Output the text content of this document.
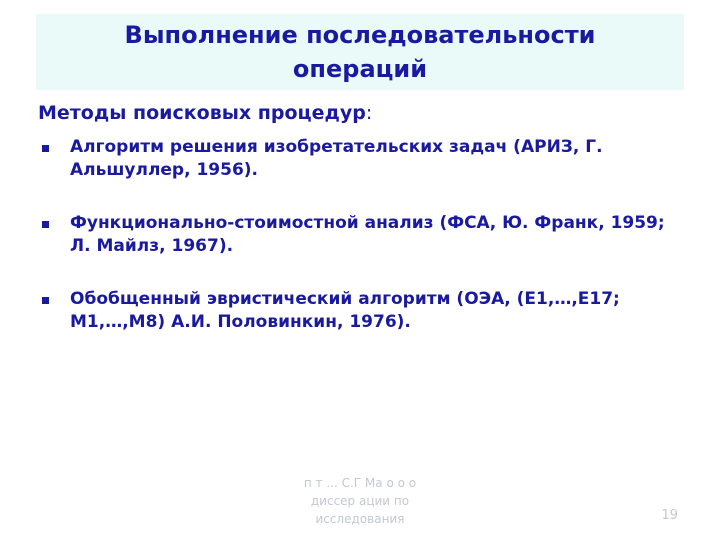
Выполнение последовательности операций
Методы поисковых процедур:
Алгоритм решения изобретательских задач (АРИЗ, Г. Альшуллер, 1956).
Функционально-стоимостной анализ (ФСА, Ю. Франк, 1959; Л. Майлз, 1967).
Обобщенный эвристический алгоритм (ОЭА, (Е1,…,Е17; М1,…,М8) А.И. Половинкин, 1976).
п т ... С.Г Ма о о о
диссер ации по
исследования	19
